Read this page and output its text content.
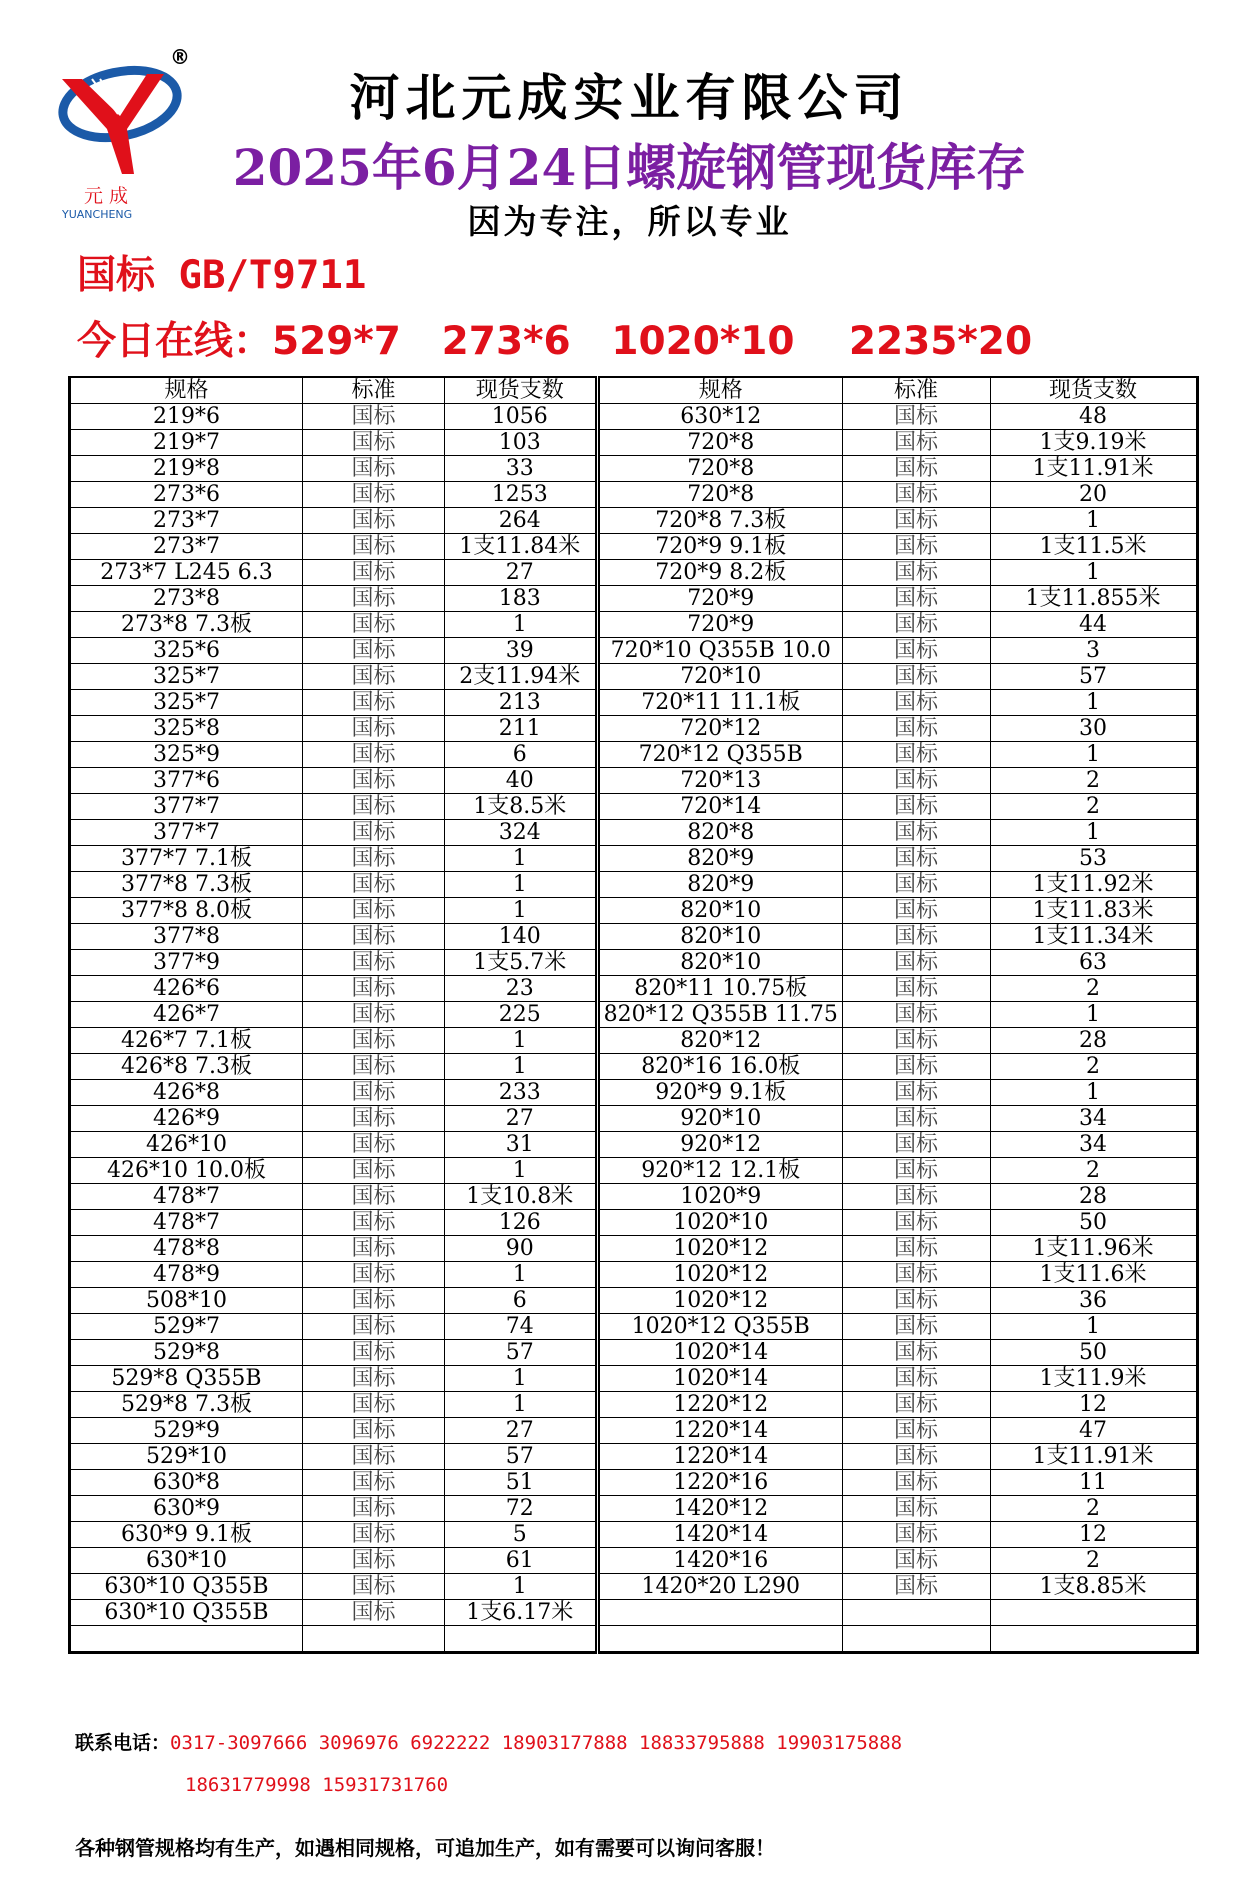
®
元 成
YUANCHENG
河北元成实业有限公司
2025年6月24日螺旋钢管现货库存
因为专注，所以专业
国标 GB/T9711
今日在线：529*7   273*6   1020*10    2235*20
规格	标准	现货支数
219*6	国标	1056
219*7	国标	103
219*8	国标	33
273*6	国标	1253
273*7	国标	264
273*7	国标	1支11.84米
273*7 L245 6.3	国标	27
273*8	国标	183
273*8 7.3板	国标	1
325*6	国标	39
325*7	国标	2支11.94米
325*7	国标	213
325*8	国标	211
325*9	国标	6
377*6	国标	40
377*7	国标	1支8.5米
377*7	国标	324
377*7 7.1板	国标	1
377*8 7.3板	国标	1
377*8 8.0板	国标	1
377*8	国标	140
377*9	国标	1支5.7米
426*6	国标	23
426*7	国标	225
426*7 7.1板	国标	1
426*8 7.3板	国标	1
426*8	国标	233
426*9	国标	27
426*10	国标	31
426*10 10.0板	国标	1
478*7	国标	1支10.8米
478*7	国标	126
478*8	国标	90
478*9	国标	1
508*10	国标	6
529*7	国标	74
529*8	国标	57
529*8 Q355B	国标	1
529*8 7.3板	国标	1
529*9	国标	27
529*10	国标	57
630*8	国标	51
630*9	国标	72
630*9 9.1板	国标	5
630*10	国标	61
630*10 Q355B	国标	1
630*10 Q355B	国标	1支6.17米

规格	标准	现货支数
630*12	国标	48
720*8	国标	1支9.19米
720*8	国标	1支11.91米
720*8	国标	20
720*8 7.3板	国标	1
720*9 9.1板	国标	1支11.5米
720*9 8.2板	国标	1
720*9	国标	1支11.855米
720*9	国标	44
720*10 Q355B 10.0	国标	3
720*10	国标	57
720*11 11.1板	国标	1
720*12	国标	30
720*12 Q355B	国标	1
720*13	国标	2
720*14	国标	2
820*8	国标	1
820*9	国标	53
820*9	国标	1支11.92米
820*10	国标	1支11.83米
820*10	国标	1支11.34米
820*10	国标	63
820*11 10.75板	国标	2
820*12 Q355B 11.75	国标	1
820*12	国标	28
820*16 16.0板	国标	2
920*9 9.1板	国标	1
920*10	国标	34
920*12	国标	34
920*12 12.1板	国标	2
1020*9	国标	28
1020*10	国标	50
1020*12	国标	1支11.96米
1020*12	国标	1支11.6米
1020*12	国标	36
1020*12 Q355B	国标	1
1020*14	国标	50
1020*14	国标	1支11.9米
1220*12	国标	12
1220*14	国标	47
1220*14	国标	1支11.91米
1220*16	国标	11
1420*12	国标	2
1420*14	国标	12
1420*16	国标	2
1420*20 L290	国标	1支8.85米

联系电话：0317-3097666 3096976 6922222 18903177888 18833795888 19903175888
18631779998 15931731760
各种钢管规格均有生产，如遇相同规格，可追加生产，如有需要可以询问客服！
